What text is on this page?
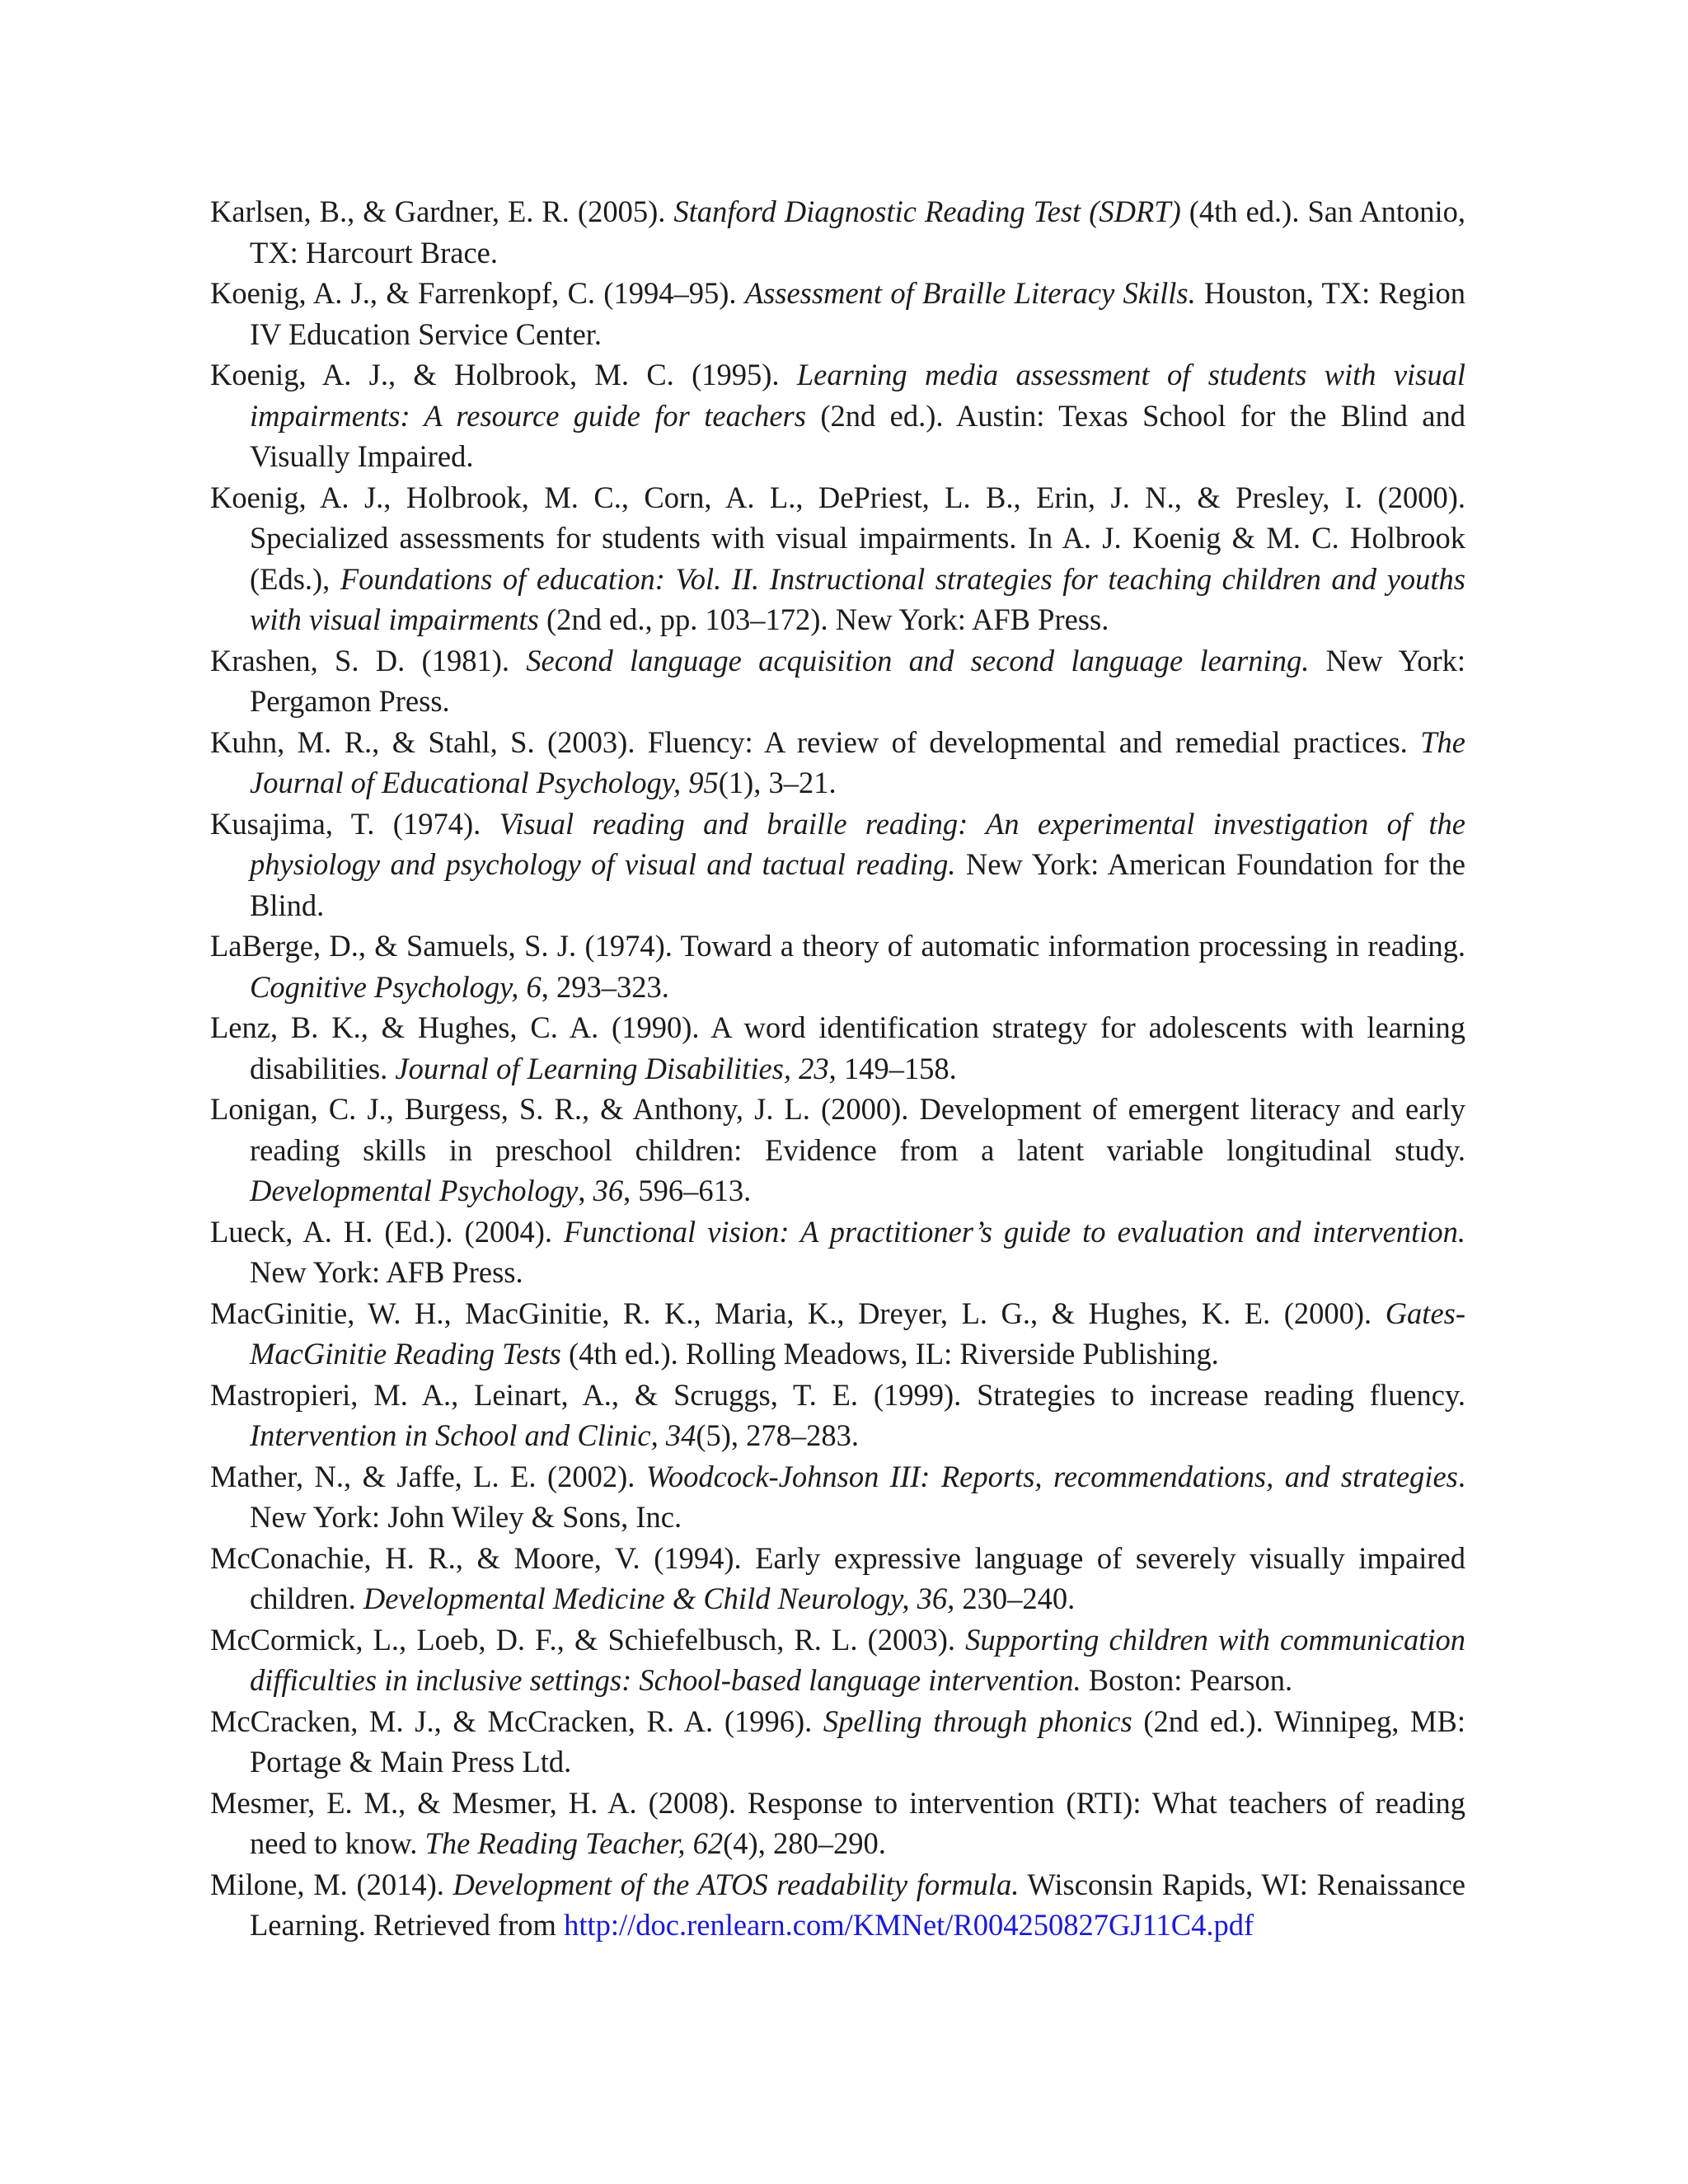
Karlsen, B., & Gardner, E. R. (2005). Stanford Diagnostic Reading Test (SDRT) (4th ed.). San Antonio, TX: Harcourt Brace.

Koenig, A. J., & Farrenkopf, C. (1994–95). Assessment of Braille Literacy Skills. Houston, TX: Region IV Education Service Center.

Koenig, A. J., & Holbrook, M. C. (1995). Learning media assessment of students with visual impairments: A resource guide for teachers (2nd ed.). Austin: Texas School for the Blind and Visually Impaired.

Koenig, A. J., Holbrook, M. C., Corn, A. L., DePriest, L. B., Erin, J. N., & Presley, I. (2000). Specialized assessments for students with visual impairments. In A. J. Koenig & M. C. Holbrook (Eds.), Foundations of education: Vol. II. Instructional strategies for teaching children and youths with visual impairments (2nd ed., pp. 103–172). New York: AFB Press.

Krashen, S. D. (1981). Second language acquisition and second language learning. New York: Pergamon Press.

Kuhn, M. R., & Stahl, S. (2003). Fluency: A review of developmental and remedial practices. The Journal of Educational Psychology, 95(1), 3–21.

Kusajima, T. (1974). Visual reading and braille reading: An experimental investigation of the physiology and psychology of visual and tactual reading. New York: American Foundation for the Blind.

LaBerge, D., & Samuels, S. J. (1974). Toward a theory of automatic information processing in reading. Cognitive Psychology, 6, 293–323.

Lenz, B. K., & Hughes, C. A. (1990). A word identification strategy for adolescents with learning disabilities. Journal of Learning Disabilities, 23, 149–158.

Lonigan, C. J., Burgess, S. R., & Anthony, J. L. (2000). Development of emergent literacy and early reading skills in preschool children: Evidence from a latent variable longitudinal study. Developmental Psychology, 36, 596–613.

Lueck, A. H. (Ed.). (2004). Functional vision: A practitioner’s guide to evaluation and intervention. New York: AFB Press.

MacGinitie, W. H., MacGinitie, R. K., Maria, K., Dreyer, L. G., & Hughes, K. E. (2000). Gates-MacGinitie Reading Tests (4th ed.). Rolling Meadows, IL: Riverside Publishing.

Mastropieri, M. A., Leinart, A., & Scruggs, T. E. (1999). Strategies to increase reading fluency. Intervention in School and Clinic, 34(5), 278–283.

Mather, N., & Jaffe, L. E. (2002). Woodcock-Johnson III: Reports, recommendations, and strategies. New York: John Wiley & Sons, Inc.

McConachie, H. R., & Moore, V. (1994). Early expressive language of severely visually impaired children. Developmental Medicine & Child Neurology, 36, 230–240.

McCormick, L., Loeb, D. F., & Schiefelbusch, R. L. (2003). Supporting children with communication difficulties in inclusive settings: School-based language intervention. Boston: Pearson.

McCracken, M. J., & McCracken, R. A. (1996). Spelling through phonics (2nd ed.). Winnipeg, MB: Portage & Main Press Ltd.

Mesmer, E. M., & Mesmer, H. A. (2008). Response to intervention (RTI): What teachers of reading need to know. The Reading Teacher, 62(4), 280–290.

Milone, M. (2014). Development of the ATOS readability formula. Wisconsin Rapids, WI: Renaissance Learning. Retrieved from http://doc.renlearn.com/KMNet/R004250827GJ11C4.pdf
